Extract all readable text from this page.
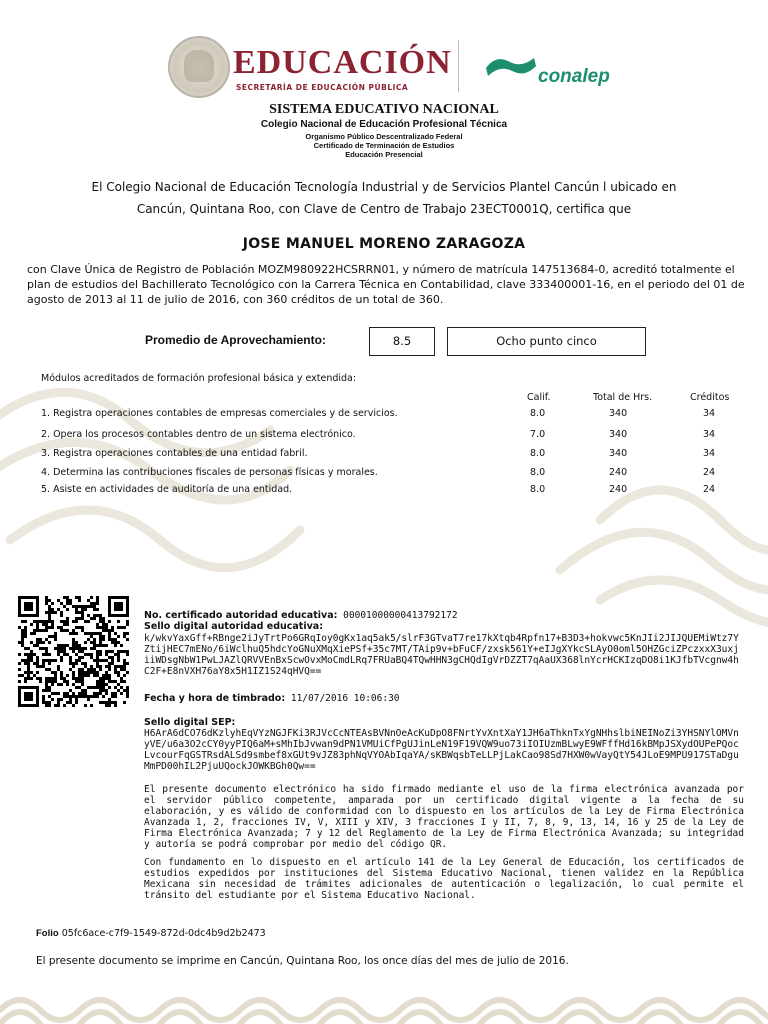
EDUCACIÓN
SECRETARÍA DE EDUCACIÓN PÚBLICA
conalep
SISTEMA EDUCATIVO NACIONAL
Colegio Nacional de Educación Profesional Técnica
Organismo Público Descentralizado Federal
Certificado de Terminación de Estudios
Educación Presencial
El Colegio Nacional de Educación Tecnología Industrial y de Servicios Plantel Cancún l ubicado en
Cancún, Quintana Roo, con Clave de Centro de Trabajo 23ECT0001Q, certifica que
JOSE MANUEL MORENO ZARAGOZA
con Clave Única de Registro de Población MOZM980922HCSRRN01, y número de matrícula 147513684-0, acreditó totalmente el plan de estudios del Bachillerato Tecnológico con la Carrera Técnica en Contabilidad, clave 333400001-16, en el periodo del 01 de agosto de 2013 al 11 de julio de 2016, con 360 créditos de un total de 360.
Promedio de Aprovechamiento:	8.5	Ocho punto cinco
Módulos acreditados de formación profesional básica y extendida:
Calif.	Total de Hrs.	Créditos
1. Registra operaciones contables de empresas comerciales y de servicios.	8.0	340	34
2. Opera los procesos contables dentro de un sistema electrónico.	7.0	340	34
3. Registra operaciones contables de una entidad fabril.	8.0	340	34
4. Determina las contribuciones fiscales de personas físicas y morales.	8.0	240	24
5. Asiste en actividades de auditoría de una entidad.	8.0	240	24
No. certificado autoridad educativa: 00001000000413792172
Sello digital autoridad educativa:
k/wkvYaxGff+RBnge2iJyTrtPo6GRqIoy0gKx1aq5ak5/slrF3GTvaT7re17kXtqb4Rpfn17+B3D3+hokvwc5KnJIi2JIJQUEMiWtz7YZtijHEC7mENo/6iWclhuQ5hdcYoGNuXMqXiePSf+35c7MT/TAip9v+bFuCF/zxsk561Y+eIJgXYkcSLAyO0oml5OHZGciZPczxxX3uxjiiWDsgNbW1PwLJAZlQRVVEnBxScwOvxMoCmdLRq7FRUaBQ4TQwHHN3gCHQdIgVrDZZT7qAaUX368lnYcrHCKIzqDO8i1KJfbTVcgnw4hC2F+E8nVXH76aY8x5H1IZ1S24qHVQ==
Fecha y hora de timbrado: 11/07/2016 10:06:30
Sello digital SEP:
H6ArA6dCO76dKzlyhEqVYzNGJFKi3RJVcCcNTEAsBVNnOeAcKuDpO8FNrtYvXntXaY1JH6aThknTxYgNHhslbiNEINoZi3YHSNYlOMVnyVE/u6a3O2cCY0yyPIQ6aM+sMhIbJvwan9dPN1VMUiCfPgUJinLeN19F19VQW9uo73iIOIUzmBLwyE9WFffHd16kBMpJSXydOUPePQocLvcourFqGSTRsdALSd9smbef8xGUt9vJZ83phNqVYOAbIqaYA/sKBWqsbTeLLPjLakCao98Sd7HXW0wVayQtY54JLoE9MPU917STaDguMmPD00hIL2PjuUQockJOWKBGh0Qw==
El presente documento electrónico ha sido firmado mediante el uso de la firma electrónica avanzada por el servidor público competente, amparada por un certificado digital vigente a la fecha de su elaboración, y es válido de conformidad con lo dispuesto en los artículos de la Ley de Firma Electrónica Avanzada 1, 2, fracciones IV, V, XIII y XIV, 3 fracciones I y II, 7, 8, 9, 13, 14, 16 y 25 de la Ley de Firma Electrónica Avanzada; 7 y 12 del Reglamento de la Ley de Firma Electrónica Avanzada; su integridad y autoría se podrá comprobar por medio del código QR.
Con fundamento en lo dispuesto en el artículo 141 de la Ley General de Educación, los certificados de estudios expedidos por instituciones del Sistema Educativo Nacional, tienen validez en la República Mexicana sin necesidad de trámites adicionales de autenticación o legalización, lo cual permite el tránsito del estudiante por el Sistema Educativo Nacional.
Folio 05fc6ace-c7f9-1549-872d-0dc4b9d2b2473
El presente documento se imprime en Cancún, Quintana Roo, los once días del mes de julio de 2016.
